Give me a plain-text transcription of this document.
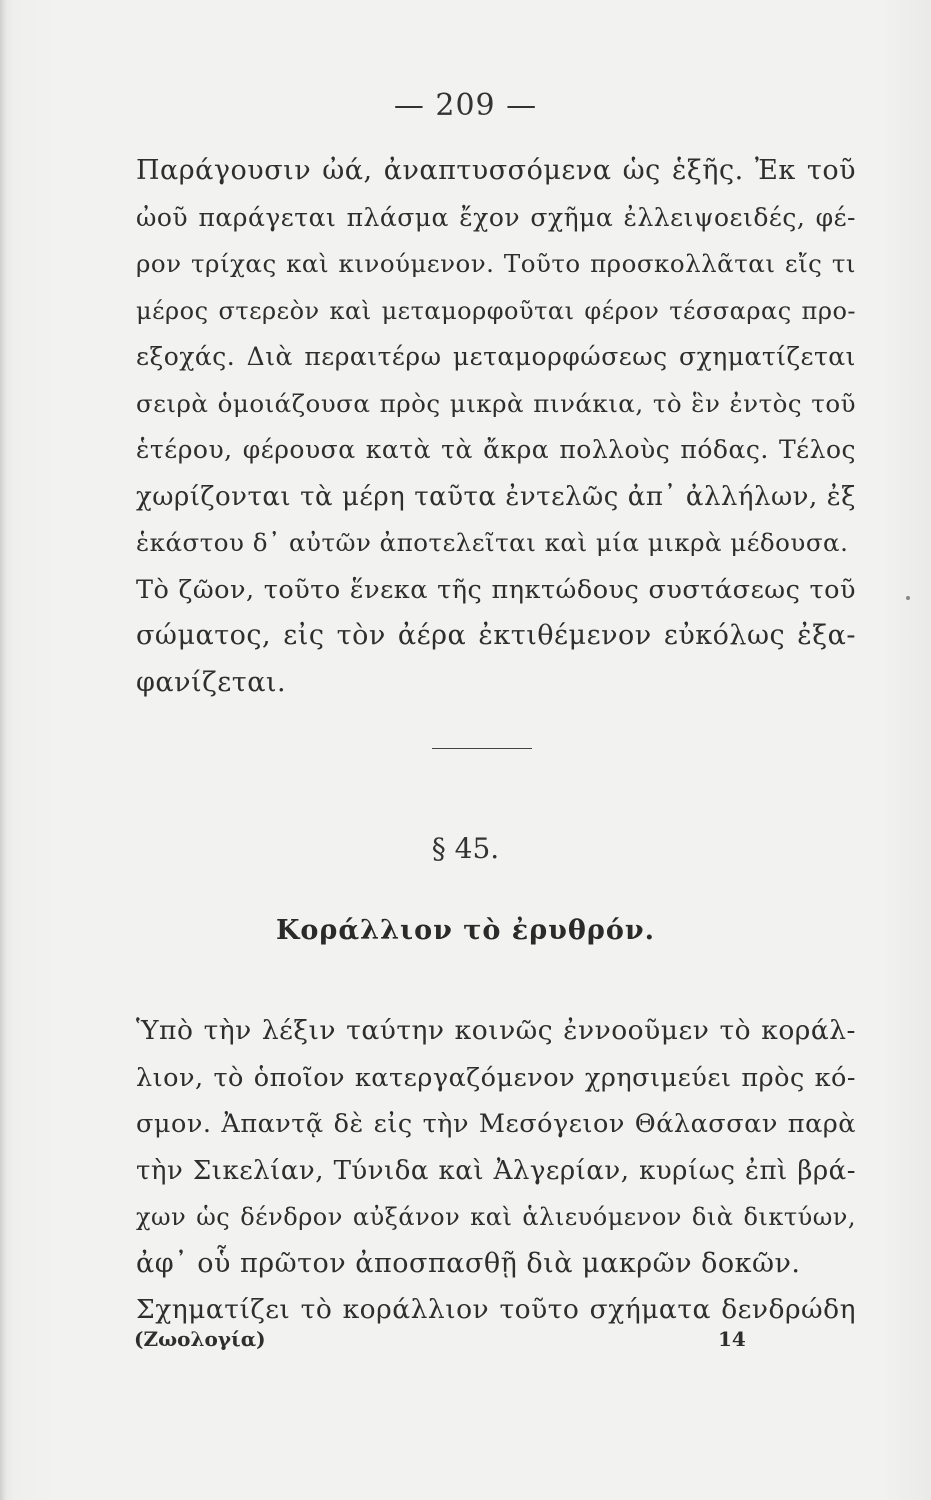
— 209 —
Παράγουσιν ὠά, ἀναπτυσσόμενα ὡς ἑξῆς. Ἐκ τοῦ
ὠοῦ παράγεται πλάσμα ἔχον σχῆμα ἐλλειψοειδές, φέ-
ρον τρίχας καὶ κινούμενον. Τοῦτο προσκολλᾶται εἴς τι
μέρος στερεὸν καὶ μεταμορφοῦται φέρον τέσσαρας προ-
εξοχάς. Διὰ περαιτέρω μεταμορφώσεως σχηματίζεται
σειρὰ ὁμοιάζουσα πρὸς μικρὰ πινάκια, τὸ ἓν ἐντὸς τοῦ
ἑτέρου, φέρουσα κατὰ τὰ ἄκρα πολλοὺς πόδας. Τέλος
χωρίζονται τὰ μέρη ταῦτα ἐντελῶς ἀπ᾽ ἀλλήλων, ἐξ
ἑκάστου δ᾽ αὐτῶν ἀποτελεῖται καὶ μία μικρὰ μέδουσα.
Τὸ ζῶον, τοῦτο ἕνεκα τῆς πηκτώδους συστάσεως τοῦ
σώματος, εἰς τὸν ἀέρα ἐκτιθέμενον εὐκόλως ἐξα-
φανίζεται.
§ 45.
Κοράλλιον τὸ ἐρυθρόν.
Ὑπὸ τὴν λέξιν ταύτην κοινῶς ἐννοοῦμεν τὸ κοράλ-
λιον, τὸ ὁποῖον κατεργαζόμενον χρησιμεύει πρὸς κό-
σμον. Ἀπαντᾷ δὲ εἰς τὴν Μεσόγειον Θάλασσαν παρὰ
τὴν Σικελίαν, Τύνιδα καὶ Ἀλγερίαν, κυρίως ἐπὶ βρά-
χων ὡς δένδρον αὐξάνον καὶ ἁλιευόμενον διὰ δικτύων,
ἀφ᾽ οὗ πρῶτον ἀποσπασθῇ διὰ μακρῶν δοκῶν.
Σχηματίζει τὸ κοράλλιον τοῦτο σχήματα δενδρώδη
(Ζωολογία)	14
